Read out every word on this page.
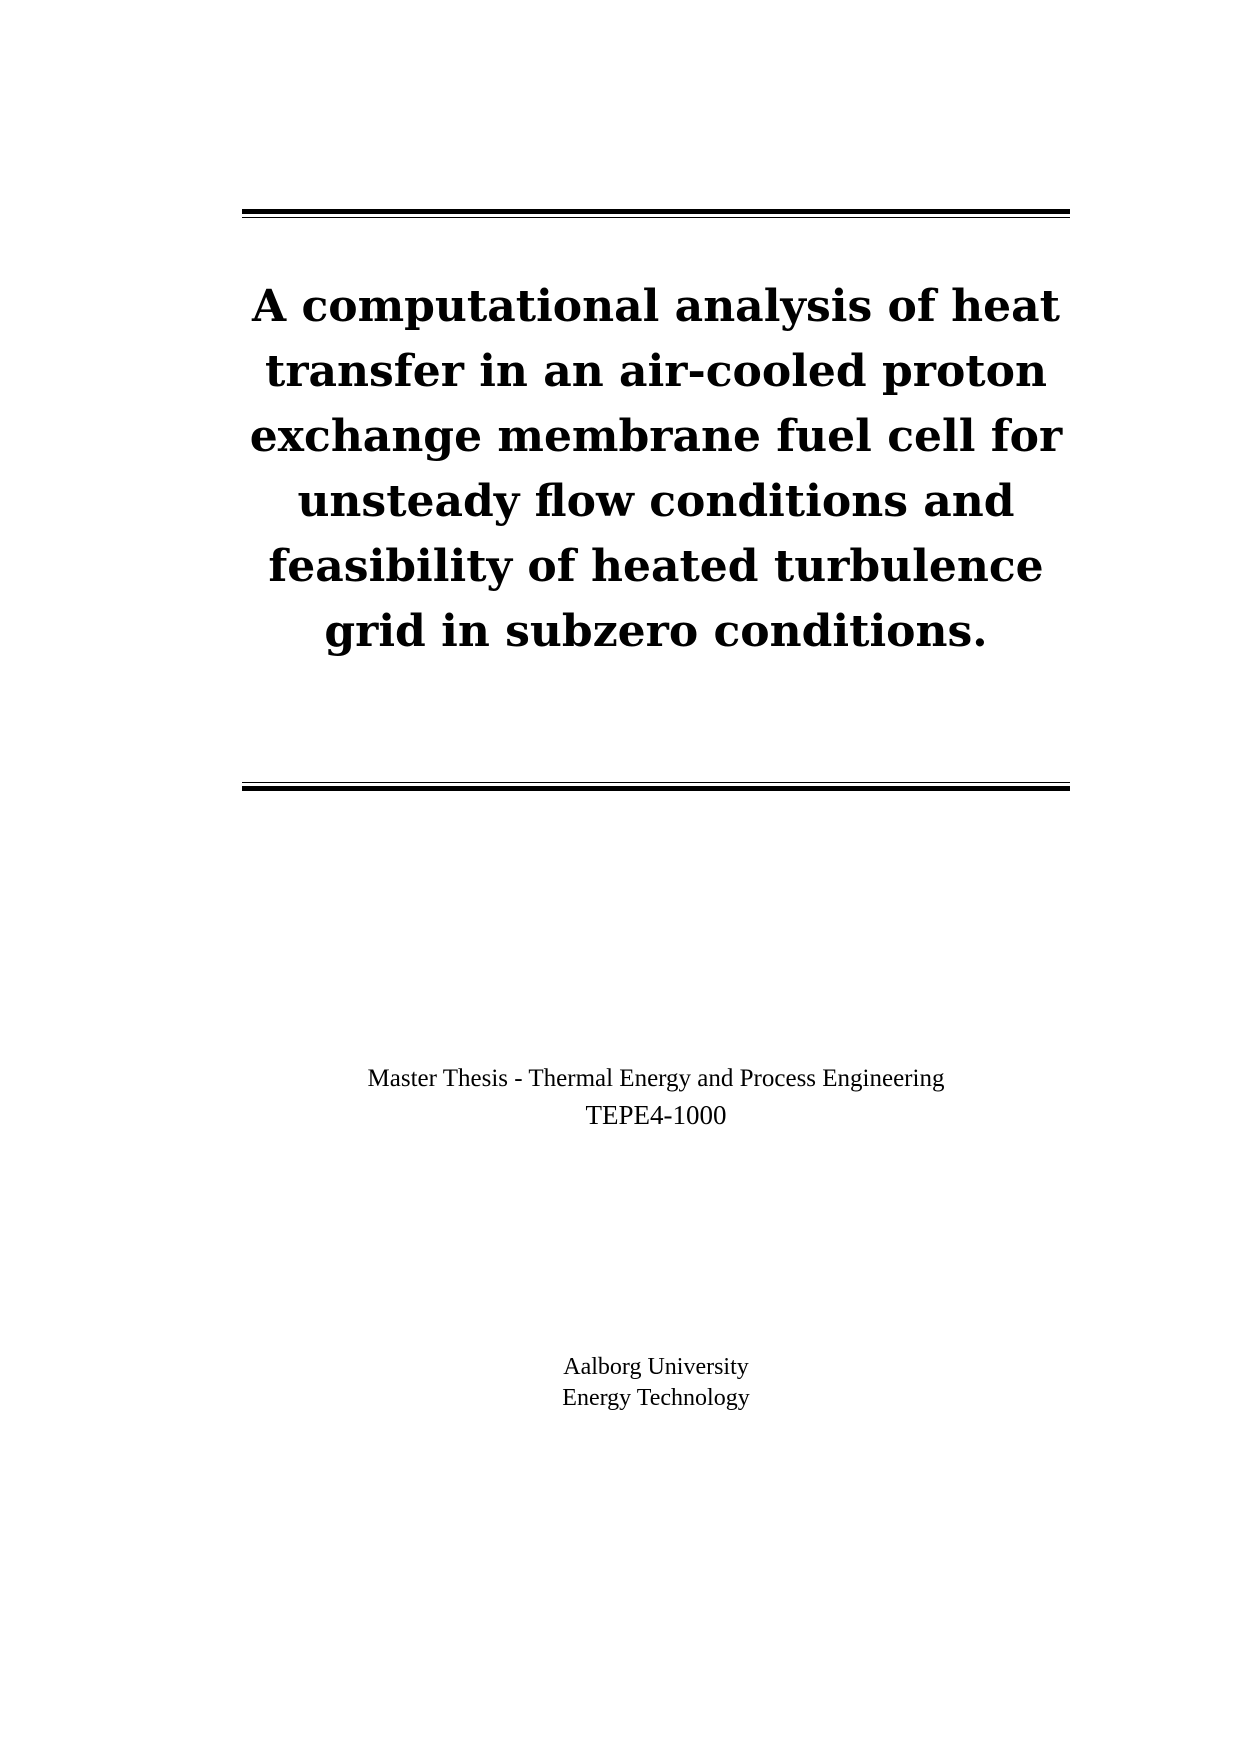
A computational analysis of heat
transfer in an air-cooled proton
exchange membrane fuel cell for
unsteady flow conditions and
feasibility of heated turbulence
grid in subzero conditions.
Master Thesis - Thermal Energy and Process Engineering
TEPE4-1000
Aalborg University
Energy Technology
